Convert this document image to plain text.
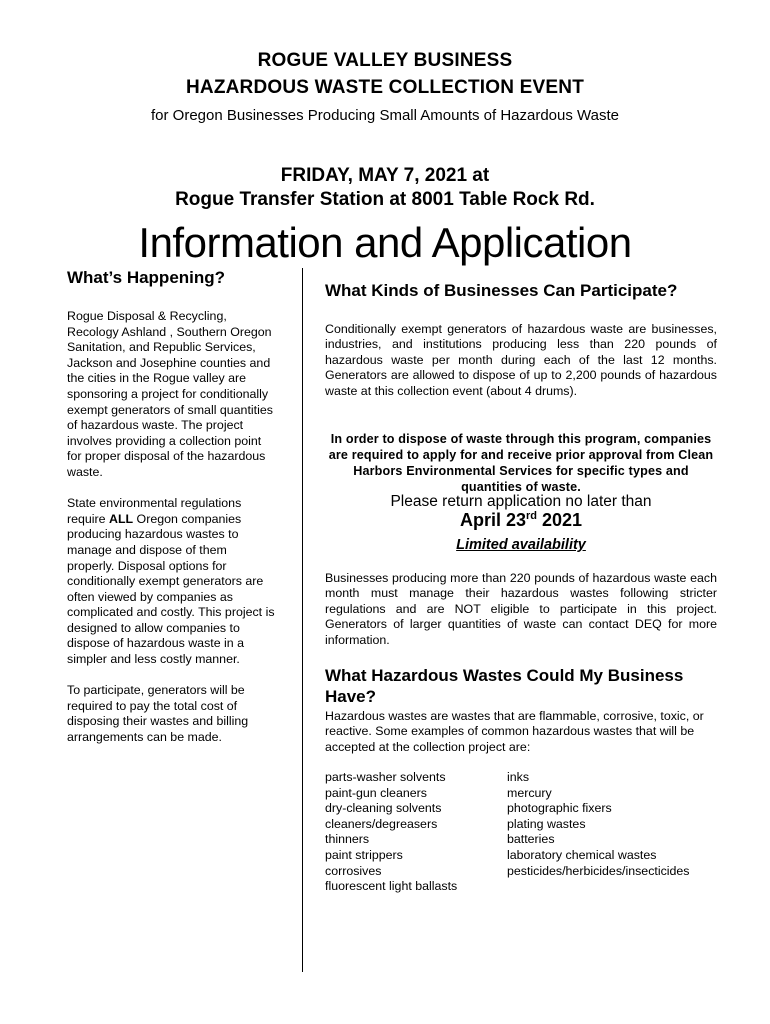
ROGUE VALLEY BUSINESS
HAZARDOUS WASTE COLLECTION EVENT
for Oregon Businesses Producing Small Amounts of Hazardous Waste
FRIDAY, MAY 7, 2021 at
Rogue Transfer Station at 8001 Table Rock Rd.
Information and Application
What’s Happening?

Rogue Disposal & Recycling, Recology Ashland , Southern Oregon Sanitation, and Republic Services, Jackson and Josephine counties and the cities in the Rogue valley are sponsoring a project for conditionally exempt generators of small quantities of hazardous waste. The project involves providing a collection point for proper disposal of the hazardous waste.

State environmental regulations require ALL Oregon companies producing hazardous wastes to manage and dispose of them properly. Disposal options for conditionally exempt generators are often viewed by companies as complicated and costly. This project is designed to allow companies to dispose of hazardous waste in a simpler and less costly manner.

To participate, generators will be required to pay the total cost of disposing their wastes and billing arrangements can be made.

What Kinds of Businesses Can Participate?
Conditionally exempt generators of hazardous waste are businesses, industries, and institutions producing less than 220 pounds of hazardous waste per month during each of the last 12 months. Generators are allowed to dispose of up to 2,200 pounds of hazardous waste at this collection event (about 4 drums).
In order to dispose of waste through this program, companies are required to apply for and receive prior approval from Clean Harbors Environmental Services for specific types and quantities of waste.
Please return application no later than
April 23rd 2021
Limited availability
Businesses producing more than 220 pounds of hazardous waste each month must manage their hazardous wastes following stricter regulations and are NOT eligible to participate in this project. Generators of larger quantities of waste can contact DEQ for more information.
What Hazardous Wastes Could My Business Have?
Hazardous wastes are wastes that are flammable, corrosive, toxic, or reactive. Some examples of common hazardous wastes that will be accepted at the collection project are:
parts-washer solvents
paint-gun cleaners
dry-cleaning solvents
cleaners/degreasers
thinners
paint strippers
corrosives
fluorescent light ballasts
inks
mercury
photographic fixers
plating wastes
batteries
laboratory chemical wastes
pesticides/herbicides/insecticides
